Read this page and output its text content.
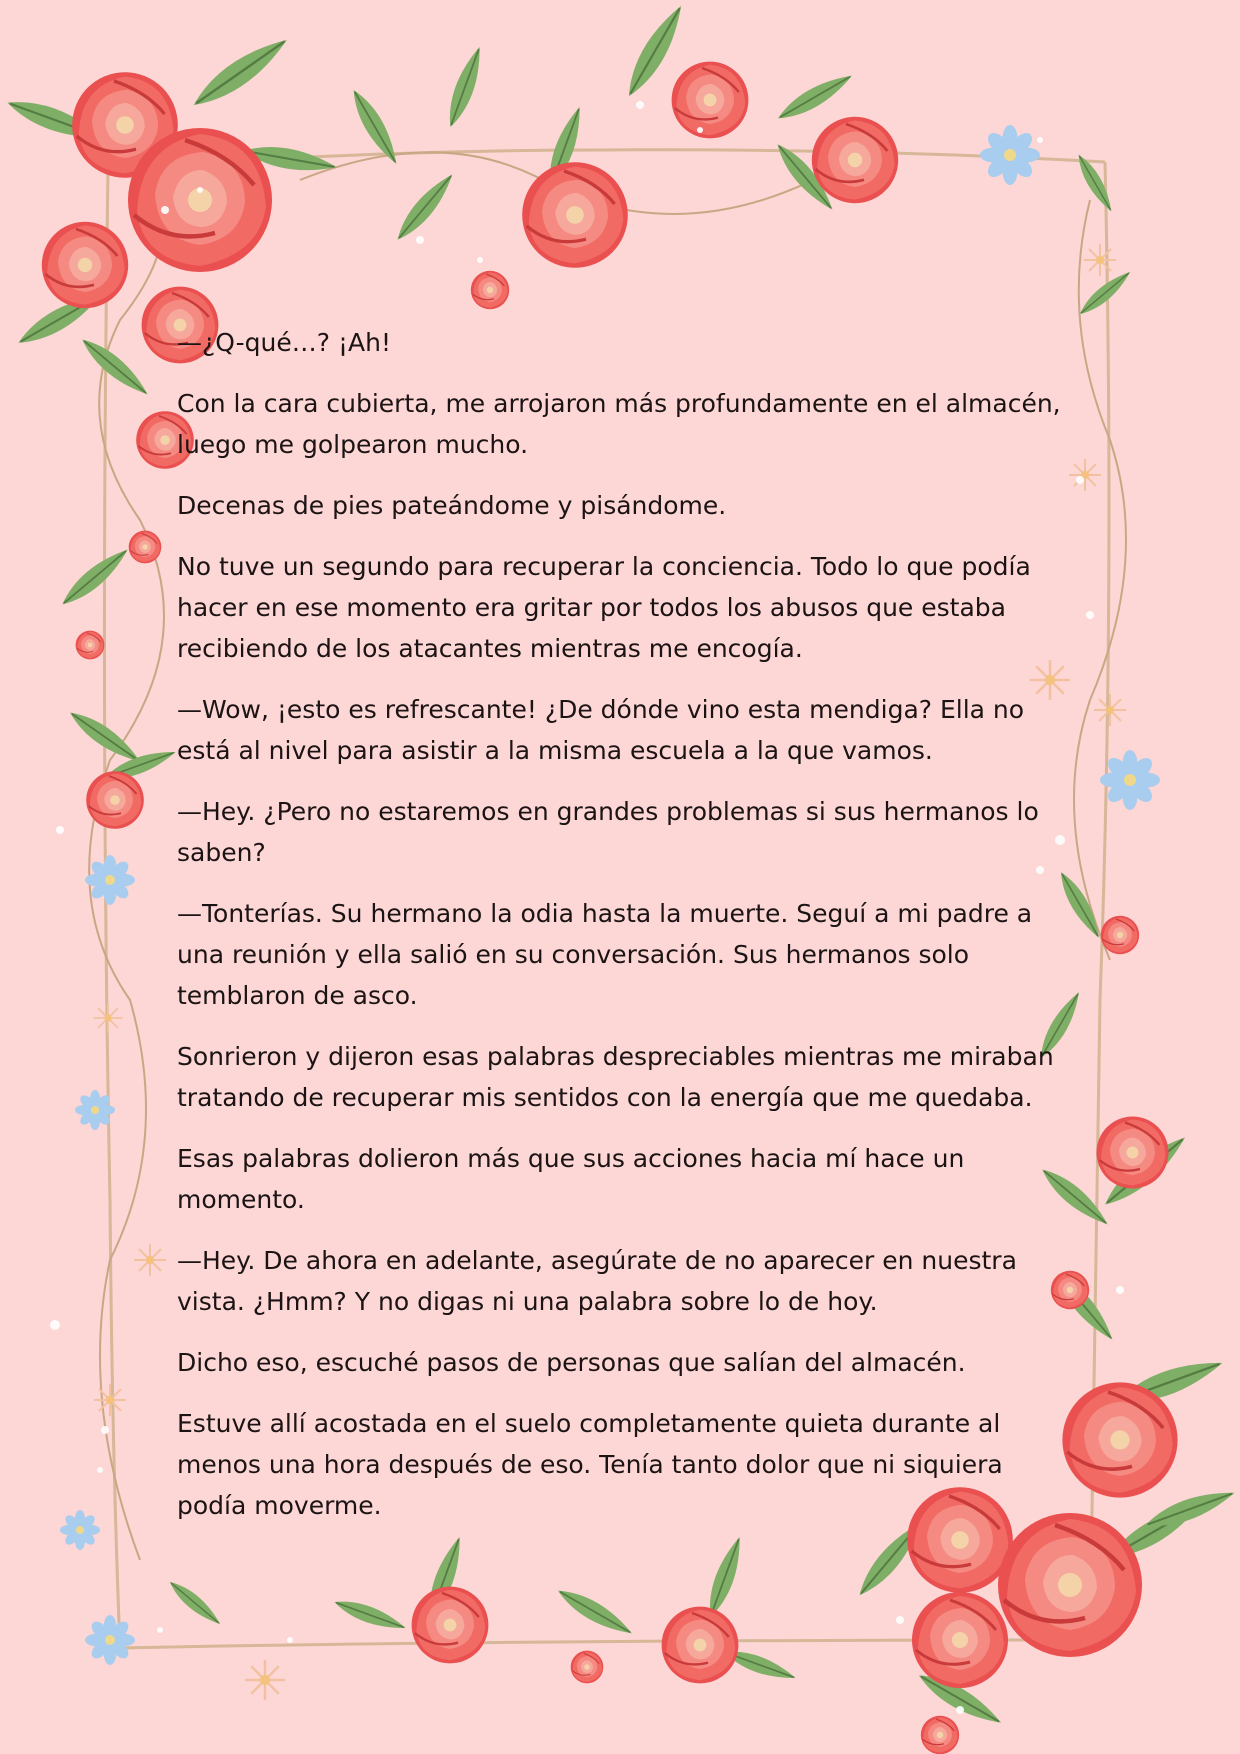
—¿Q-qué…? ¡Ah!

Con la cara cubierta, me arrojaron más profundamente en el almacén, luego me golpearon mucho.

Decenas de pies pateándome y pisándome.

No tuve un segundo para recuperar la conciencia. Todo lo que podía hacer en ese momento era gritar por todos los abusos que estaba recibiendo de los atacantes mientras me encogía.

—Wow, ¡esto es refrescante! ¿De dónde vino esta mendiga? Ella no está al nivel para asistir a la misma escuela a la que vamos.

—Hey. ¿Pero no estaremos en grandes problemas si sus hermanos lo saben?

—Tonterías. Su hermano la odia hasta la muerte. Seguí a mi padre a una reunión y ella salió en su conversación. Sus hermanos solo temblaron de asco.

Sonrieron y dijeron esas palabras despreciables mientras me miraban tratando de recuperar mis sentidos con la energía que me quedaba.

Esas palabras dolieron más que sus acciones hacia mí hace un momento.

—Hey. De ahora en adelante, asegúrate de no aparecer en nuestra vista. ¿Hmm? Y no digas ni una palabra sobre lo de hoy.

Dicho eso, escuché pasos de personas que salían del almacén.

Estuve allí acostada en el suelo completamente quieta durante al menos una hora después de eso. Tenía tanto dolor que ni siquiera podía moverme.
